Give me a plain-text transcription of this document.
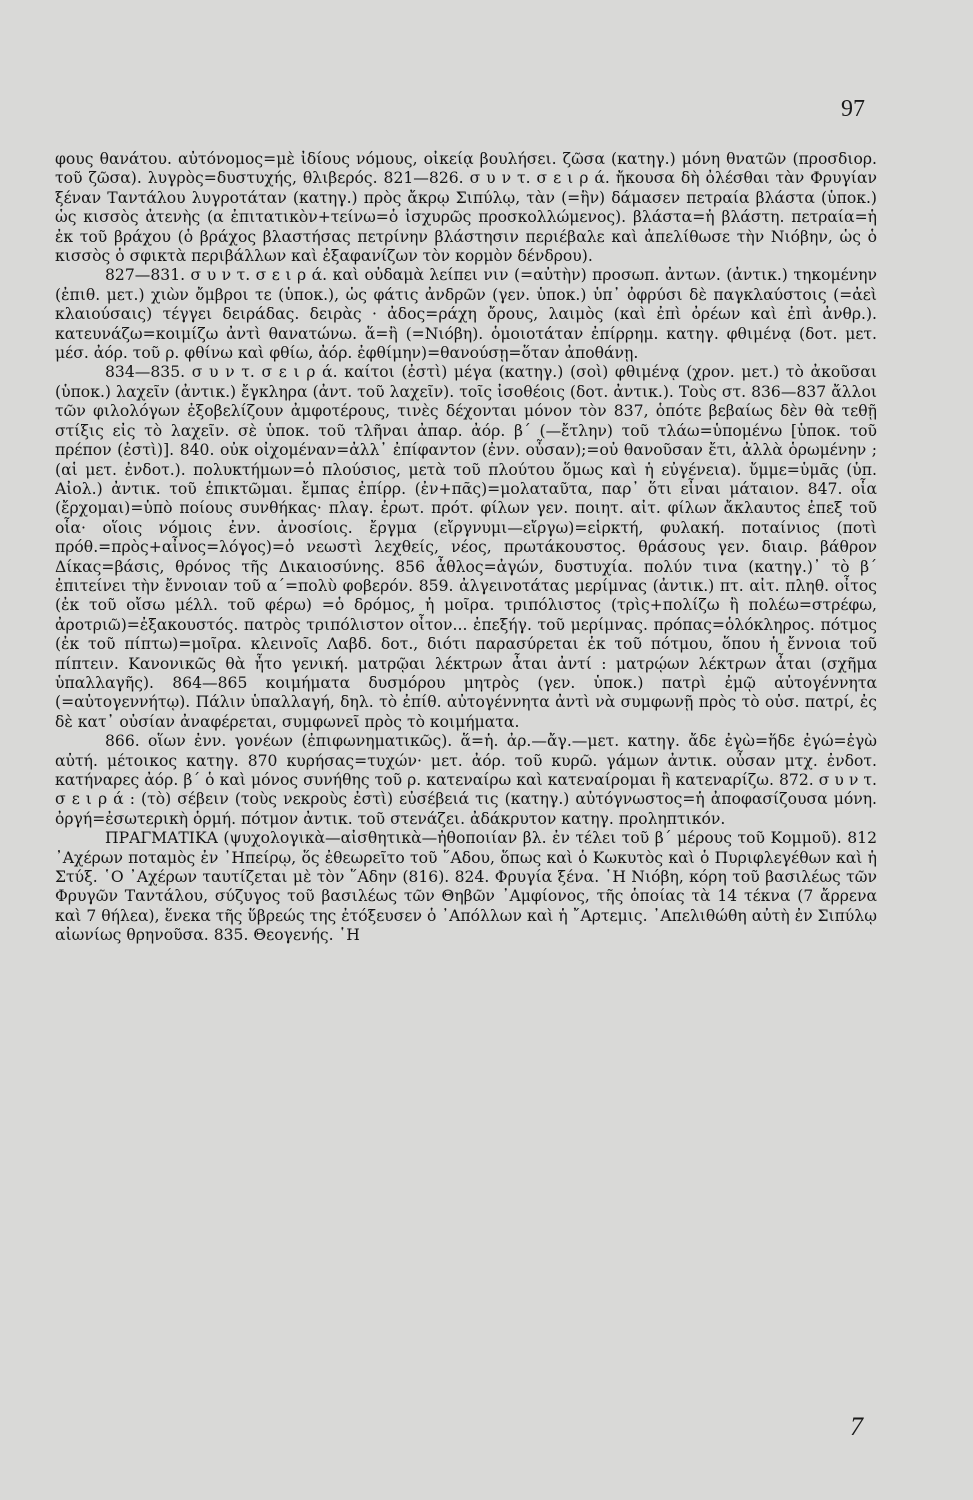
97

φους θανάτου. αὐτόνομος=μὲ ἰδίους νόμους, οἰκείᾳ βουλήσει. ζῶσα (κατηγ.) μόνη θνατῶν (προσδιορ. τοῦ ζῶσα). λυγρὸς=δυστυχής, θλιβερός. 821—826. σ υ ν τ. σ ε ι ρ ά. ἤκουσα δὴ ὀλέσθαι τὰν Φρυγίαν ξέναν Ταντάλου λυγροτάταν (κατηγ.) πρὸς ἄκρῳ Σιπύλῳ, τὰν (=ἣν) δάμασεν πετραία βλάστα (ὑποκ.) ὡς κισσὸς ἀτενὴς (α ἐπιτατικὸν+τείνω=ὁ ἰσχυρῶς προσκολλώμενος). βλάστα=ἡ βλάστη. πετραία=ἡ ἐκ τοῦ βράχου (ὁ βράχος βλαστήσας πετρίνην βλάστησιν περιέβαλε καὶ ἀπελίθωσε τὴν Νιόβην, ὡς ὁ κισσὸς ὁ σφικτὰ περιβάλλων καὶ ἐξαφανίζων τὸν κορμὸν δένδρου).

827—831. σ υ ν τ. σ ε ι ρ ά. καὶ οὐδαμὰ λείπει νιν (=αὐτὴν) προσωπ. ἀντων. (ἀντικ.) τηκομένην (ἐπιθ. μετ.) χιὼν ὄμβροι τε (ὑποκ.), ὡς φάτις ἀνδρῶν (γεν. ὑποκ.) ὑπ᾽ ὀφρύσι δὲ παγκλαύστοις (=ἀεὶ κλαιούσαις) τέγγει δειράδας. δειρὰς · ἀδος=ράχη ὄρους, λαιμὸς (καὶ ἐπὶ ὀρέων καὶ ἐπὶ ἀνθρ.). κατευνάζω=κοιμίζω ἀντὶ θανατώνω. ἅ=ἣ (=Νιόβη). ὁμοιοτάταν ἐπίρρημ. κατηγ. φθιμένᾳ (δοτ. μετ. μέσ. ἀόρ. τοῦ ρ. φθίνω καὶ φθίω, ἀόρ. ἐφθίμην)=θανούσῃ=ὅταν ἀποθάνῃ.

834—835. σ υ ν τ. σ ε ι ρ ά. καίτοι (ἐστὶ) μέγα (κατηγ.) (σοὶ) φθιμένᾳ (χρον. μετ.) τὸ ἀκοῦσαι (ὑποκ.) λαχεῖν (ἀντικ.) ἔγκληρα (ἀντ. τοῦ λαχεῖν). τοῖς ἰσοθέοις (δοτ. ἀντικ.). Τοὺς στ. 836—837 ἄλλοι τῶν φιλολόγων ἐξοβελίζουν ἀμφοτέρους, τινὲς δέχονται μόνον τὸν 837, ὁπότε βεβαίως δὲν θὰ τεθῇ στίξις εἰς τὸ λαχεῖν. σὲ ὑποκ. τοῦ τλῆναι ἀπαρ. ἀόρ. β΄ (—ἔτλην) τοῦ τλάω=ὑπομένω [ὑποκ. τοῦ πρέπον (ἐστὶ)]. 840. οὐκ οἰχομέναν=ἀλλ᾽ ἐπίφαντον (ἐνν. οὖσαν);=οὐ θανοῦσαν ἔτι, ἀλλὰ ὁρωμένην ; (αἱ μετ. ἐνδοτ.). πολυκτήμων=ὁ πλούσιος, μετὰ τοῦ πλούτου ὅμως καὶ ἡ εὐγένεια). ὔμμε=ὑμᾶς (ὑπ. Αἰολ.) ἀντικ. τοῦ ἐπικτῶμαι. ἔμπας ἐπίρρ. (ἐν+πᾶς)=μολαταῦτα, παρ᾽ ὅτι εἶναι μάταιον. 847. οἷα (ἔρχομαι)=ὑπὸ ποίους συνθήκας· πλαγ. ἐρωτ. πρότ. φίλων γεν. ποιητ. αἰτ. φίλων ἄκλαυτος ἐπεξ τοῦ οἷα· οἵοις νόμοις ἐνν. ἀνοσίοις. ἔργμα (εἴργνυμι—εἴργω)=εἱρκτή, φυλακή. ποταίνιος (ποτὶ πρόθ.=πρὸς+αἶνος=λόγος)=ὁ νεωστὶ λεχθείς, νέος, πρωτάκουστος. θράσους γεν. διαιρ. βάθρον Δίκας=βάσις, θρόνος τῆς Δικαιοσύνης. 856 ἆθλος=ἀγών, δυστυχία. πολύν τινα (κατηγ.)᾽ τὸ β΄ ἐπιτείνει τὴν ἔννοιαν τοῦ α΄=πολὺ φοβερόν. 859. ἀλγεινοτάτας μερίμνας (ἀντικ.) πτ. αἰτ. πληθ. οἶτος (ἐκ τοῦ οἴσω μέλλ. τοῦ φέρω) =ὁ δρόμος, ἡ μοῖρα. τριπόλιστος (τρὶς+πολίζω ἢ πολέω=στρέφω, ἀροτριῶ)=ἐξακουστός. πατρὸς τριπόλιστον οἶτον... ἐπεξήγ. τοῦ μερίμνας. πρόπας=ὁλόκληρος. πότμος (ἐκ τοῦ πίπτω)=μοῖρα. κλεινοῖς Λαβδ. δοτ., διότι παρασύρεται ἐκ τοῦ πότμου, ὅπου ἡ ἔννοια τοῦ πίπτειν. Κανονικῶς θὰ ἦτο γενική. ματρῷαι λέκτρων ἆται ἀντί : ματρῴων λέκτρων ἆται (σχῆμα ὑπαλλαγῆς). 864—865 κοιμήματα δυσμόρου μητρὸς (γεν. ὑποκ.) πατρὶ ἐμῷ αὐτογέννητα (=αὐτογεννήτῳ). Πάλιν ὑπαλλαγή, δηλ. τὸ ἐπίθ. αὐτογέννητα ἀντὶ νὰ συμφωνῇ πρὸς τὸ οὐσ. πατρί, ἐς δὲ κατ᾽ οὐσίαν ἀναφέρεται, συμφωνεῖ πρὸς τὸ κοιμήματα.

866. οἵων ἐνν. γονέων (ἐπιφωνηματικῶς). ἅ=ἡ. ἀρ.—ἄγ.—μετ. κατηγ. ἄδε ἐγὼ=ἥδε ἐγώ=ἐγὼ αὐτή. μέτοικος κατηγ. 870 κυρήσας=τυχών· μετ. ἀόρ. τοῦ κυρῶ. γάμων ἀντικ. οὖσαν μτχ. ἐνδοτ. κατήναρες ἀόρ. β΄ ὁ καὶ μόνος συνήθης τοῦ ρ. κατεναίρω καὶ κατεναίρομαι ἢ κατεναρίζω. 872. σ υ ν τ. σ ε ι ρ ά : (τὸ) σέβειν (τοὺς νεκροὺς ἐστὶ) εὐσέβειά τις (κατηγ.) αὐτόγνωστος=ἡ ἀποφασίζουσα μόνη. ὀργή=ἐσωτερικὴ ὁρμή. πότμον ἀντικ. τοῦ στενάζει. ἀδάκρυτον κατηγ. προληπτικόν.

ΠΡΑΓΜΑΤΙΚΑ (ψυχολογικὰ—αἰσθητικὰ—ἠθοποιίαν βλ. ἐν τέλει τοῦ β΄ μέρους τοῦ Κομμοῦ). 812 ᾽Αχέρων ποταμὸς ἐν ᾽Ηπείρῳ, ὅς ἐθεωρεῖτο τοῦ ῞Αδου, ὅπως καὶ ὁ Κωκυτὸς καὶ ὁ Πυριφλεγέθων καὶ ἡ Στύξ. ῾Ο ᾽Αχέρων ταυτίζεται μὲ τὸν ῞Αδην (816). 824. Φρυγία ξένα. ῾Η Νιόβη, κόρη τοῦ βασιλέως τῶν Φρυγῶν Ταντάλου, σύζυγος τοῦ βασιλέως τῶν Θηβῶν ᾽Αμφίονος, τῆς ὁποίας τὰ 14 τέκνα (7 ἄρρενα καὶ 7 θήλεα), ἕνεκα τῆς ὕβρεώς της ἐτόξευσεν ὁ ᾽Απόλλων καὶ ἡ ῎Αρτεμις. ᾽Απελιθώθη αὐτὴ ἐν Σιπύλῳ αἰωνίως θρηνοῦσα. 835. Θεογενής. ῾Η

7
